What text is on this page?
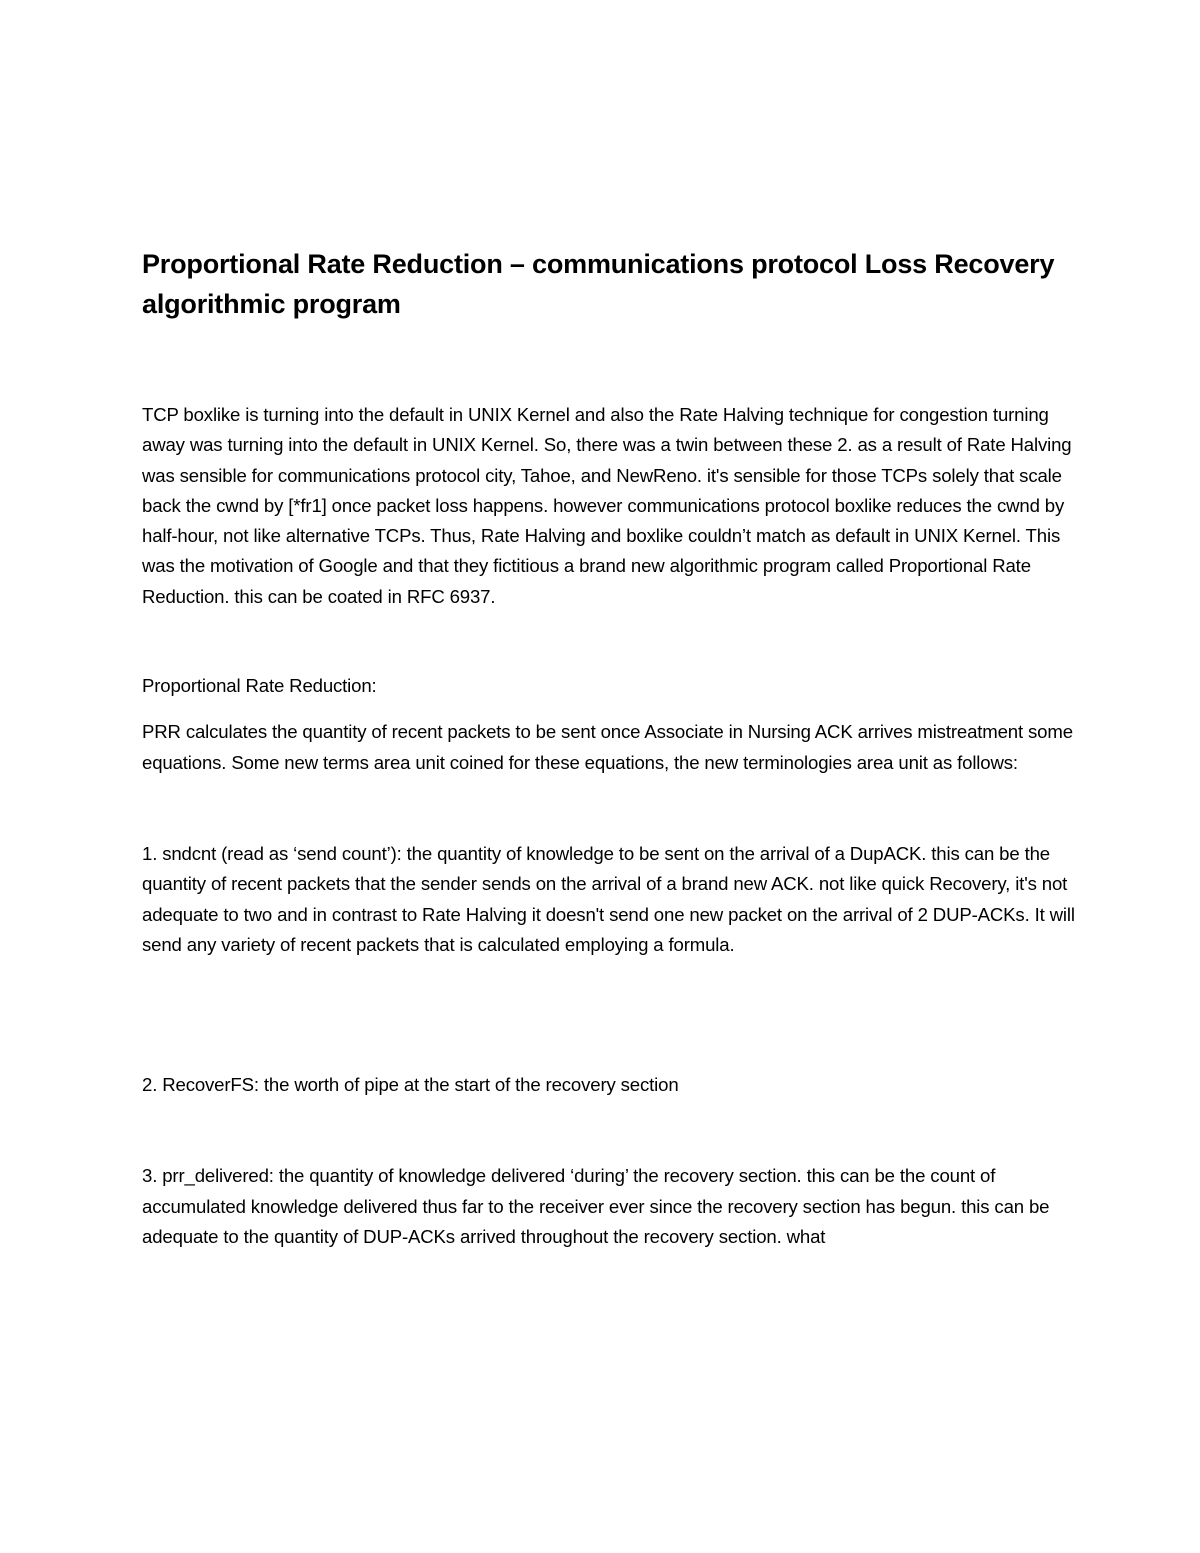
Proportional Rate Reduction – communications protocol Loss Recovery algorithmic program

TCP boxlike is turning into the default in UNIX Kernel and also the Rate Halving technique for congestion turning away was turning into the default in UNIX Kernel. So, there was a twin between these 2. as a result of Rate Halving was sensible for communications protocol city, Tahoe, and NewReno. it's sensible for those TCPs solely that scale back the cwnd by [*fr1] once packet loss happens. however communications protocol boxlike reduces the cwnd by half-hour, not like alternative TCPs. Thus, Rate Halving and boxlike couldn’t match as default in UNIX Kernel. This was the motivation of Google and that they fictitious a brand new algorithmic program called Proportional Rate Reduction. this can be coated in RFC 6937.

Proportional Rate Reduction:

PRR calculates the quantity of recent packets to be sent once Associate in Nursing ACK arrives mistreatment some equations. Some new terms area unit coined for these equations, the new terminologies area unit as follows:

1. sndcnt (read as ‘send count’): the quantity of knowledge to be sent on the arrival of a DupACK. this can be the quantity of recent packets that the sender sends on the arrival of a brand new ACK. not like quick Recovery, it's not adequate to two and in contrast to Rate Halving it doesn't send one new packet on the arrival of 2 DUP-ACKs. It will send any variety of recent packets that is calculated employing a formula.

2. RecoverFS: the worth of pipe at the start of the recovery section

3. prr_delivered: the quantity of knowledge delivered ‘during’ the recovery section. this can be the count of accumulated knowledge delivered thus far to the receiver ever since the recovery section has begun. this can be adequate to the quantity of DUP-ACKs arrived throughout the recovery section. what
